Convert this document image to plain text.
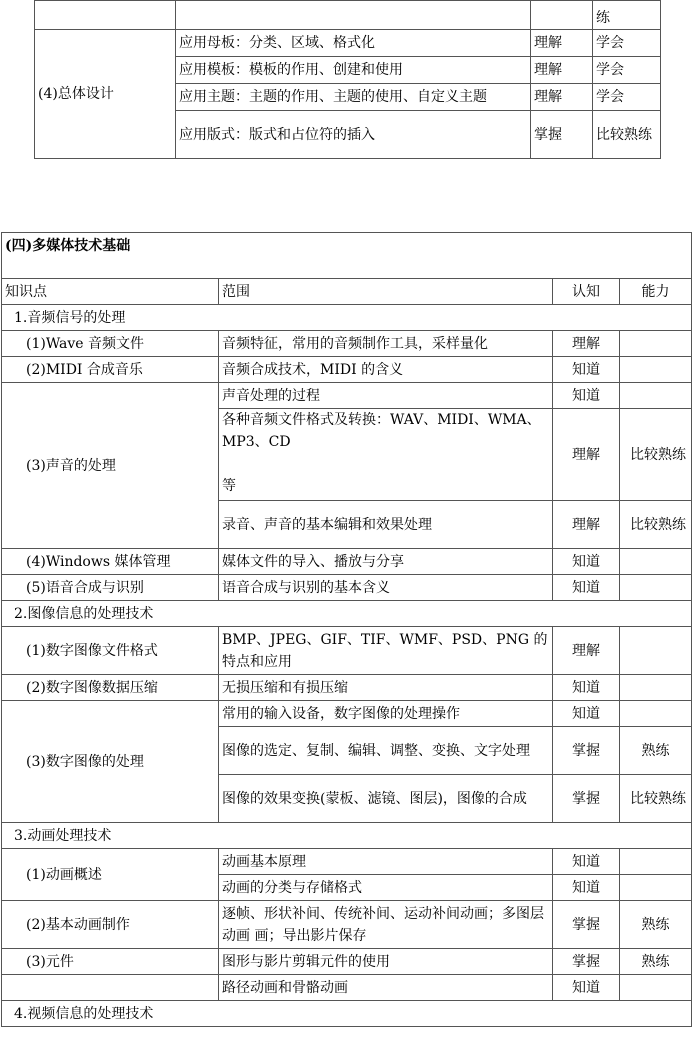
			练
(4)总体设计	应用母板：分类、区域、格式化	理解	学会
	应用模板：模板的作用、创建和使用	理解	学会
	应用主题：主题的作用、主题的使用、自定义主题	理解	学会
	应用版式：版式和占位符的插入	掌握	比较熟练
(四)多媒体技术基础			
知识点	范围	认知	能力
1.音频信号的处理			
(1)Wave 音频文件	音频特征，常用的音频制作工具，采样量化	理解	
(2)MIDI 合成音乐	音频合成技术，MIDI 的含义	知道	
(3)声音的处理	声音处理的过程	知道	

	各种音频文件格式及转换：WAV、MIDI、WMA、MP3、CD
等	理解	比较熟练
	录音、声音的基本编辑和效果处理	理解	比较熟练
(4)Windows 媒体管理	媒体文件的导入、播放与分享	知道	
(5)语音合成与识别	语音合成与识别的基本含义	知道	
2.图像信息的处理技术			
(1)数字图像文件格式	BMP、JPEG、GIF、TIF、WMF、PSD、PNG 的特点和应用	理解	
(2)数字图像数据压缩	无损压缩和有损压缩	知道	
(3)数字图像的处理	常用的输入设备，数字图像的处理操作	知道	
	图像的选定、复制、编辑、调整、变换、文字处理	掌握	熟练
	图像的效果变换(蒙板、滤镜、图层)，图像的合成	掌握	比较熟练
3.动画处理技术			
(1)动画概述	动画基本原理	知道	
	动画的分类与存储格式	知道	
(2)基本动画制作	逐帧、形状补间、传统补间、运动补间动画；多图层动画 画；导出影片保存	掌握	熟练
(3)元件	图形与影片剪辑元件的使用	掌握	熟练
	路径动画和骨骼动画	知道	
4.视频信息的处理技术			
